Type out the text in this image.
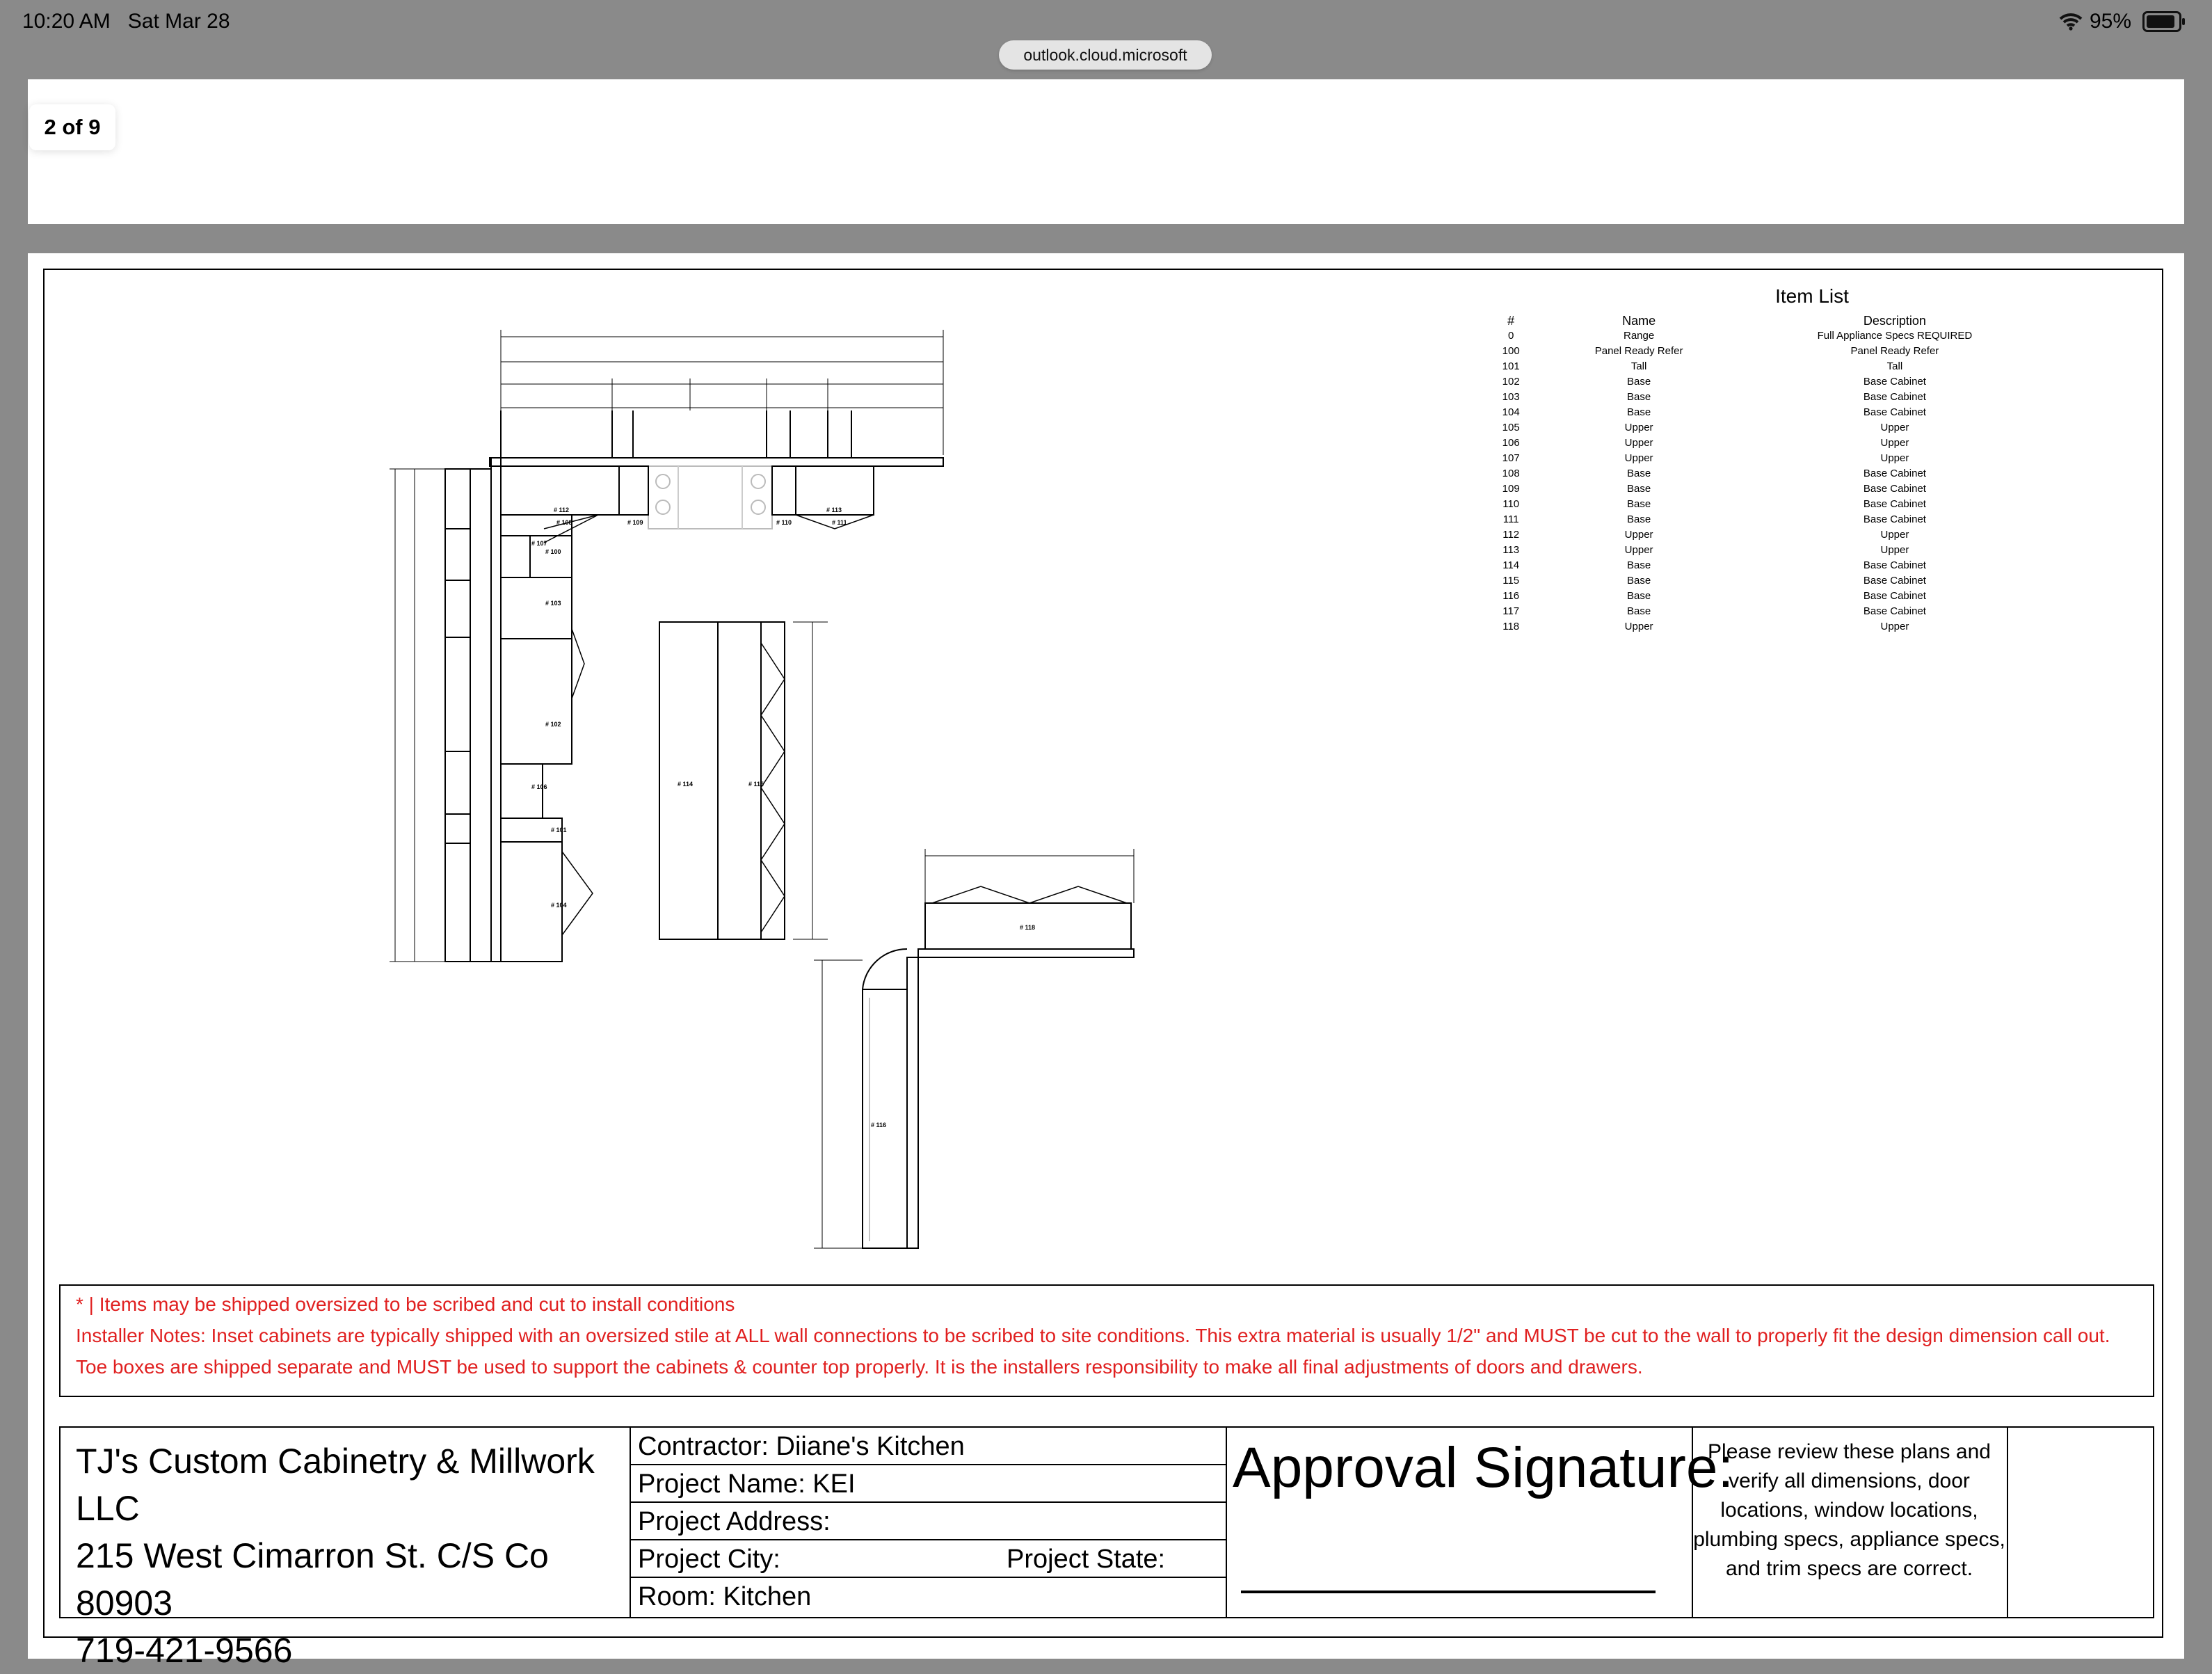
10:20 AM Sat Mar 28	95%
outlook.cloud.microsoft
2 of 9
# 112
# 108	# 109	# 110
# 113
# 111
# 107
# 100
# 103
# 102
# 106
# 101
# 104
# 114	# 115
# 118
# 116
Item List
#	Name	Description
0	Range	Full Appliance Specs REQUIRED
100	Panel Ready Refer	Panel Ready Refer
101	Tall	Tall
102	Base	Base Cabinet
103	Base	Base Cabinet
104	Base	Base Cabinet
105	Upper	Upper
106	Upper	Upper
107	Upper	Upper
108	Base	Base Cabinet
109	Base	Base Cabinet
110	Base	Base Cabinet
111	Base	Base Cabinet
112	Upper	Upper
113	Upper	Upper
114	Base	Base Cabinet
115	Base	Base Cabinet
116	Base	Base Cabinet
117	Base	Base Cabinet
118	Upper	Upper
* | Items may be shipped oversized to be scribed and cut to install conditions
Installer Notes: Inset cabinets are typically shipped with an oversized stile at ALL wall connections to be scribed to site conditions. This extra material is usually 1/2" and MUST be cut to the wall to properly fit the design dimension call out.
Toe boxes are shipped separate and MUST be used to support the cabinets & counter top properly. It is the installers responsibility to make all final adjustments of doors and drawers.
TJ's Custom Cabinetry & Millwork LLC
215 West Cimarron St. C/S Co 80903
719-421-9566
Contractor: Diiane's Kitchen
Project Name: KEI
Project Address:
Project City:	Project State:
Room: Kitchen
Approval Signature:
Please review these plans and verify all dimensions, door locations, window locations, plumbing specs, appliance specs, and trim specs are correct.
